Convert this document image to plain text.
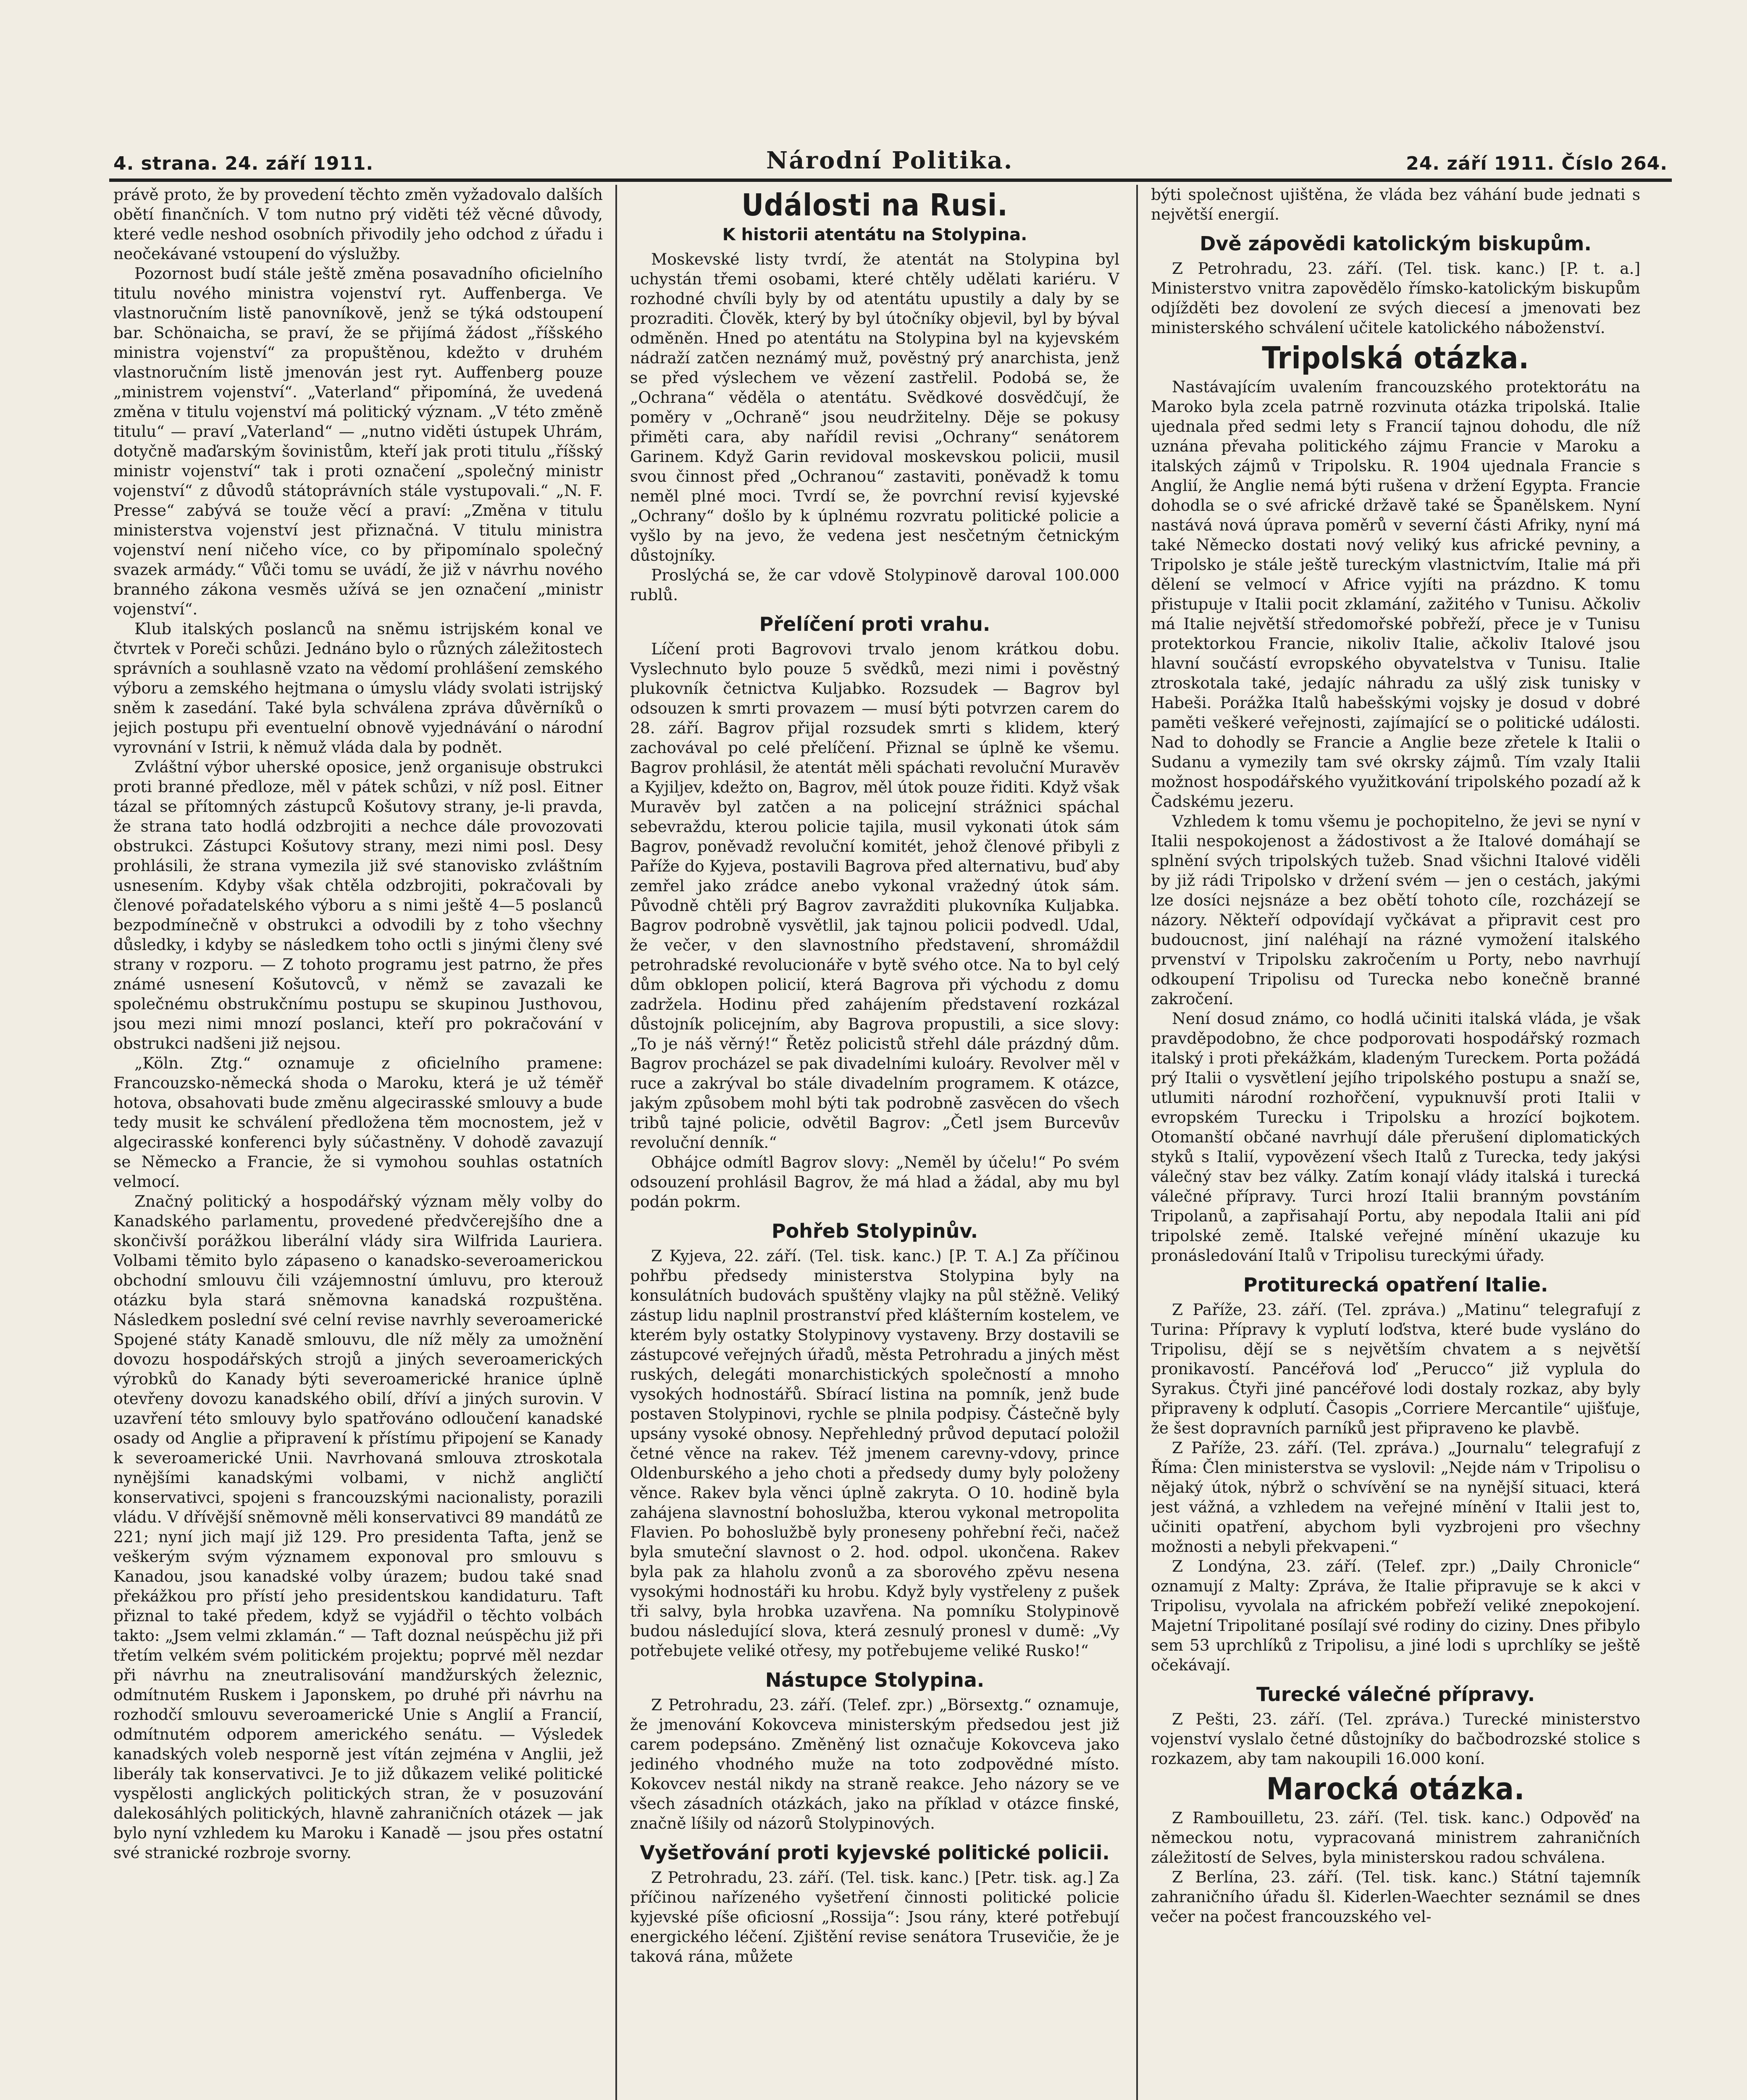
4. strana. 24. září 1911.	Národní Politika.	24. září 1911. Číslo 264.

právě proto, že by provedení těchto změn vyžadovalo dalších obětí finančních. V tom nutno prý viděti též věcné důvody, které vedle neshod osobních přivodily jeho odchod z úřadu i neočekávané vstoupení do výslužby.

Pozornost budí stále ještě změna posavadního oficielního titulu nového ministra vojenství ryt. Auffenberga. Ve vlastnoručním listě panovníkově, jenž se týká odstoupení bar. Schönaicha, se praví, že se přijímá žádost „říšského ministra vojenství“ za propuštěnou, kdežto v druhém vlastnoručním listě jmenován jest ryt. Auffenberg pouze „ministrem vojenství“. „Vaterland“ připomíná, že uvedená změna v titulu vojenství má politický význam. „V této změně titulu“ — praví „Vaterland“ — „nutno viděti ústupek Uhrám, dotyčně maďarským šovinistům, kteří jak proti titulu „říšský ministr vojenství“ tak i proti označení „společný ministr vojenství“ z důvodů státoprávních stále vystupovali.“ „N. F. Presse“ zabývá se touže věcí a praví: „Změna v titulu ministerstva vojenství jest přiznačná. V titulu ministra vojenství není ničeho více, co by připomínalo společný svazek armády.“ Vůči tomu se uvádí, že již v návrhu nového branného zákona vesměs užívá se jen označení „ministr vojenství“.

Klub italských poslanců na sněmu istrijském konal ve čtvrtek v Poreči schůzi. Jednáno bylo o různých záležitostech správních a souhlasně vzato na vědomí prohlášení zemského výboru a zemského hejtmana o úmyslu vlády svolati istrijský sněm k zasedání. Také byla schválena zpráva důvěrníků o jejich postupu při eventuelní obnově vyjednávání o národní vyrovnání v Istrii, k němuž vláda dala by podnět.

Zvláštní výbor uherské oposice, jenž organisuje obstrukci proti branné předloze, měl v pátek schůzi, v níž posl. Eitner tázal se přítomných zástupců Košutovy strany, je-li pravda, že strana tato hodlá odzbrojiti a nechce dále provozovati obstrukci. Zástupci Košutovy strany, mezi nimi posl. Desy prohlásili, že strana vymezila již své stanovisko zvláštním usnesením. Kdyby však chtěla odzbrojiti, pokračovali by členové pořadatelského výboru a s nimi ještě 4—5 poslanců bezpodmínečně v obstrukci a odvodili by z toho všechny důsledky, i kdyby se následkem toho octli s jinými členy své strany v rozporu. — Z tohoto programu jest patrno, že přes známé usnesení Košutovců, v němž se zavazali ke společnému obstrukčnímu postupu se skupinou Justhovou, jsou mezi nimi mnozí poslanci, kteří pro pokračování v obstrukci nadšeni již nejsou.

„Köln. Ztg.“ oznamuje z oficielního pramene: Francouzsko-německá shoda o Maroku, která je už téměř hotova, obsahovati bude změnu algecirasské smlouvy a bude tedy musit ke schválení předložena těm mocnostem, jež v algecirasské konferenci byly súčastněny. V dohodě zavazují se Německo a Francie, že si vymohou souhlas ostatních velmocí.

Značný politický a hospodářský význam měly volby do Kanadského parlamentu, provedené předvčerejšího dne a skončivší porážkou liberální vlády sira Wilfrida Lauriera. Volbami těmito bylo zápaseno o kanadsko-severoamerickou obchodní smlouvu čili vzájemnostní úmluvu, pro kterouž otázku byla stará sněmovna kanadská rozpuštěna. Následkem poslední své celní revise navrhly severoamerické Spojené státy Kanadě smlouvu, dle níž měly za umožnění dovozu hospodářských strojů a jiných severoamerických výrobků do Kanady býti severoamerické hranice úplně otevřeny dovozu kanadského obilí, dříví a jiných surovin. V uzavření této smlouvy bylo spatřováno odloučení kanadské osady od Anglie a připravení k přístímu připojení se Kanady k severoamerické Unii. Navrhovaná smlouva ztroskotala nynějšími kanadskými volbami, v nichž angličtí konservativci, spojeni s francouzskými nacionalisty, porazili vládu. V dřívější sněmovně měli konservativci 89 mandátů ze 221; nyní jich mají již 129. Pro presidenta Tafta, jenž se veškerým svým významem exponoval pro smlouvu s Kanadou, jsou kanadské volby úrazem; budou také snad překážkou pro přístí jeho presidentskou kandidaturu. Taft přiznal to také předem, když se vyjádřil o těchto volbách takto: „Jsem velmi zklamán.“ — Taft doznal neúspěchu již při třetím velkém svém politickém projektu; poprvé měl nezdar při návrhu na zneutralisování mandžurských železnic, odmítnutém Ruskem i Japonskem, po druhé při návrhu na rozhodčí smlouvu severoamerické Unie s Anglií a Francií, odmítnutém odporem amerického senátu. — Výsledek kanadských voleb nesporně jest vítán zejména v Anglii, jež liberály tak konservativci. Je to již důkazem veliké politické vyspělosti anglických politických stran, že v posuzování dalekosáhlých politických, hlavně zahraničních otázek — jak bylo nyní vzhledem ku Maroku i Kanadě — jsou přes ostatní své stranické rozbroje svorny.

Události na Rusi.
K historii atentátu na Stolypina.

Moskevské listy tvrdí, že atentát na Stolypina byl uchystán třemi osobami, které chtěly udělati kariéru. V rozhodné chvíli byly by od atentátu upustily a daly by se prozraditi. Člověk, který by byl útočníky objevil, byl by býval odměněn. Hned po atentátu na Stolypina byl na kyjevském nádraží zatčen neznámý muž, pověstný prý anarchista, jenž se před výslechem ve vězení zastřelil. Podobá se, že „Ochrana“ věděla o atentátu. Svědkové dosvědčují, že poměry v „Ochraně“ jsou neudržitelny. Děje se pokusy přiměti cara, aby nařídil revisi „Ochrany“ senátorem Garinem. Když Garin revidoval moskevskou policii, musil svou činnost před „Ochranou“ zastaviti, poněvadž k tomu neměl plné moci. Tvrdí se, že povrchní revisí kyjevské „Ochrany“ došlo by k úplnému rozvratu politické policie a vyšlo by na jevo, že vedena jest nesčetným četnickým důstojníky.

Proslýchá se, že car vdově Stolypinově daroval 100.000 rublů.

Přelíčení proti vrahu.

Líčení proti Bagrovovi trvalo jenom krátkou dobu. Vyslechnuto bylo pouze 5 svědků, mezi nimi i pověstný plukovník četnictva Kuljabko. Rozsudek — Bagrov byl odsouzen k smrti provazem — musí býti potvrzen carem do 28. září. Bagrov přijal rozsudek smrti s klidem, který zachovával po celé přelíčení. Přiznal se úplně ke všemu. Bagrov prohlásil, že atentát měli spáchati revoluční Muravěv a Kyjiljev, kdežto on, Bagrov, měl útok pouze řiditi. Když však Muravěv byl zatčen a na policejní strážnici spáchal sebevraždu, kterou policie tajila, musil vykonati útok sám Bagrov, poněvadž revoluční komitét, jehož členové přibyli z Paříže do Kyjeva, postavili Bagrova před alternativu, buď aby zemřel jako zrádce anebo vykonal vražedný útok sám. Původně chtěli prý Bagrov zavražditi plukovníka Kuljabka. Bagrov podrobně vysvětlil, jak tajnou policii podvedl. Udal, že večer, v den slavnostního představení, shromáždil petrohradské revolucionáře v bytě svého otce. Na to byl celý dům obklopen policií, která Bagrova při východu z domu zadržela. Hodinu před zahájením představení rozkázal důstojník policejním, aby Bagrova propustili, a sice slovy: „To je náš věrný!“ Řetěz policistů střehl dále prázdný dům. Bagrov procházel se pak divadelními kuloáry. Revolver měl v ruce a zakrýval bo stále divadelním programem. K otázce, jakým způsobem mohl býti tak podrobně zasvěcen do všech tribů tajné policie, odvětil Bagrov: „Četl jsem Burcevův revoluční denník.“

Obhájce odmítl Bagrov slovy: „Neměl by účelu!“ Po svém odsouzení prohlásil Bagrov, že má hlad a žádal, aby mu byl podán pokrm.

Pohřeb Stolypinův.

Z Kyjeva, 22. září. (Tel. tisk. kanc.) [P. T. A.] Za příčinou pohřbu předsedy ministerstva Stolypina byly na konsulátních budovách spuštěny vlajky na půl stěžně. Veliký zástup lidu naplnil prostranství před klášterním kostelem, ve kterém byly ostatky Stolypinovy vystaveny. Brzy dostavili se zástupcové veřejných úřadů, města Petrohradu a jiných měst ruských, delegáti monarchistických společností a mnoho vysokých hodnostářů. Sbírací listina na pomník, jenž bude postaven Stolypinovi, rychle se plnila podpisy. Částečně byly upsány vysoké obnosy. Nepřehledný průvod deputací položil četné věnce na rakev. Též jmenem carevny-vdovy, prince Oldenburského a jeho choti a předsedy dumy byly položeny věnce. Rakev byla věnci úplně zakryta. O 10. hodině byla zahájena slavnostní bohoslužba, kterou vykonal metropolita Flavien. Po bohoslužbě byly proneseny pohřební řeči, načež byla smuteční slavnost o 2. hod. odpol. ukončena. Rakev byla pak za hlaholu zvonů a za sborového zpěvu nesena vysokými hodnostáři ku hrobu. Když byly vystřeleny z pušek tři salvy, byla hrobka uzavřena. Na pomníku Stolypinově budou následující slova, která zesnulý pronesl v dumě: „Vy potřebujete veliké otřesy, my potřebujeme veliké Rusko!“

Nástupce Stolypina.

Z Petrohradu, 23. září. (Telef. zpr.) „Börsextg.“ oznamuje, že jmenování Kokovceva ministerským předsedou jest již carem podepsáno. Změněný list označuje Kokovceva jako jediného vhodného muže na toto zodpovědné místo. Kokovcev nestál nikdy na straně reakce. Jeho názory se ve všech zásadních otázkách, jako na příklad v otázce finské, značně líšily od názorů Stolypinových.

Vyšetřování proti kyjevské politické policii.

Z Petrohradu, 23. září. (Tel. tisk. kanc.) [Petr. tisk. ag.] Za příčinou nařízeného vyšetření činnosti politické policie kyjevské píše oficiosní „Rossija“: Jsou rány, které potřebují energického léčení. Zjištění revise senátora Trusevičie, že je taková rána, můžete

býti společnost ujištěna, že vláda bez váhání bude jednati s největší energií.

Dvě zápovědi katolickým biskupům.

Z Petrohradu, 23. září. (Tel. tisk. kanc.) [P. t. a.] Ministerstvo vnitra zapovědělo římsko-katolickým biskupům odjížděti bez dovolení ze svých diecesí a jmenovati bez ministerského schválení učitele katolického náboženství.

Tripolská otázka.

Nastávajícím uvalením francouzského protektorátu na Maroko byla zcela patrně rozvinuta otázka tripolská. Italie ujednala před sedmi lety s Francií tajnou dohodu, dle níž uznána převaha politického zájmu Francie v Maroku a italských zájmů v Tripolsku. R. 1904 ujednala Francie s Anglií, že Anglie nemá býti rušena v držení Egypta. Francie dohodla se o své africké državě také se Španělskem. Nyní nastává nová úprava poměrů v severní části Afriky, nyní má také Německo dostati nový veliký kus africké pevniny, a Tripolsko je stále ještě tureckým vlastnictvím, Italie má při dělení se velmocí v Africe vyjíti na prázdno. K tomu přistupuje v Italii pocit zklamání, zažitého v Tunisu. Ačkoliv má Italie největší středomořské pobřeží, přece je v Tunisu protektorkou Francie, nikoliv Italie, ačkoliv Italové jsou hlavní součástí evropského obyvatelstva v Tunisu. Italie ztroskotala také, jedajíc náhradu za ušlý zisk tunisky v Habeši. Porážka Italů habešskými vojsky je dosud v dobré paměti veškeré veřejnosti, zajímající se o politické události. Nad to dohodly se Francie a Anglie beze zřetele k Italii o Sudanu a vymezily tam své okrsky zájmů. Tím vzaly Italii možnost hospodářského využitkování tripolského pozadí až k Čadskému jezeru.

Vzhledem k tomu všemu je pochopitelno, že jevi se nyní v Italii nespokojenost a žádostivost a že Italové domáhají se splnění svých tripolských tužeb. Snad všichni Italové viděli by již rádi Tripolsko v držení svém — jen o cestách, jakými lze dosíci nejsnáze a bez obětí tohoto cíle, rozcházejí se názory. Někteří odpovídají vyčkávat a připravit cest pro budoucnost, jiní naléhají na rázné vymožení italského prvenství v Tripolsku zakročením u Porty, nebo navrhují odkoupení Tripolisu od Turecka nebo konečně branné zakročení.

Není dosud známo, co hodlá učiniti italská vláda, je však pravděpodobno, že chce podporovati hospodářský rozmach italský i proti překážkám, kladeným Tureckem. Porta požádá prý Italii o vysvětlení jejího tripolského postupu a snaží se, utlumiti národní rozhořčení, vypuknuvší proti Italii v evropském Turecku i Tripolsku a hrozící bojkotem. Otomanští občané navrhují dále přerušení diplomatických styků s Italií, vypovězení všech Italů z Turecka, tedy jakýsi válečný stav bez války. Zatím konají vlády italská i turecká válečné přípravy. Turci hrozí Italii branným povstáním Tripolanů, a zapřisahají Portu, aby nepodala Italii ani píď tripolské země. Italské veřejné mínění ukazuje ku pronásledování Italů v Tripolisu tureckými úřady.

Protiturecká opatření Italie.

Z Paříže, 23. září. (Tel. zpráva.) „Matinu“ telegrafují z Turina: Přípravy k vyplutí loďstva, které bude vysláno do Tripolisu, dějí se s největším chvatem a s největší pronikavostí. Pancéřová loď „Perucco“ již vyplula do Syrakus. Čtyři jiné pancéřové lodi dostaly rozkaz, aby byly připraveny k odplutí. Časopis „Corriere Mercantile“ ujišťuje, že šest dopravních parníků jest připraveno ke plavbě.

Z Paříže, 23. září. (Tel. zpráva.) „Journalu“ telegrafují z Říma: Člen ministerstva se vyslovil: „Nejde nám v Tripolisu o nějaký útok, nýbrž o schvívění se na nynější situaci, která jest vážná, a vzhledem na veřejné mínění v Italii jest to, učiniti opatření, abychom byli vyzbrojeni pro všechny možnosti a nebyli překvapeni.“

Z Londýna, 23. září. (Telef. zpr.) „Daily Chronicle“ oznamují z Malty: Zpráva, že Italie připravuje se k akci v Tripolisu, vyvolala na africkém pobřeží veliké znepokojení. Majetní Tripolitané posílají své rodiny do ciziny. Dnes přibylo sem 53 uprchlíků z Tripolisu, a jiné lodi s uprchlíky se ještě očekávají.

Turecké válečné přípravy.

Z Pešti, 23. září. (Tel. zpráva.) Turecké ministerstvo vojenství vyslalo četné důstojníky do bačbodrozské stolice s rozkazem, aby tam nakoupili 16.000 koní.

Marocká otázka.

Z Rambouilletu, 23. září. (Tel. tisk. kanc.) Odpověď na německou notu, vypracovaná ministrem zahraničních záležitostí de Selves, byla ministerskou radou schválena.

Z Berlína, 23. září. (Tel. tisk. kanc.) Státní tajemník zahraničního úřadu šl. Kiderlen-Waechter seznámil se dnes večer na počest francouzského vel-
